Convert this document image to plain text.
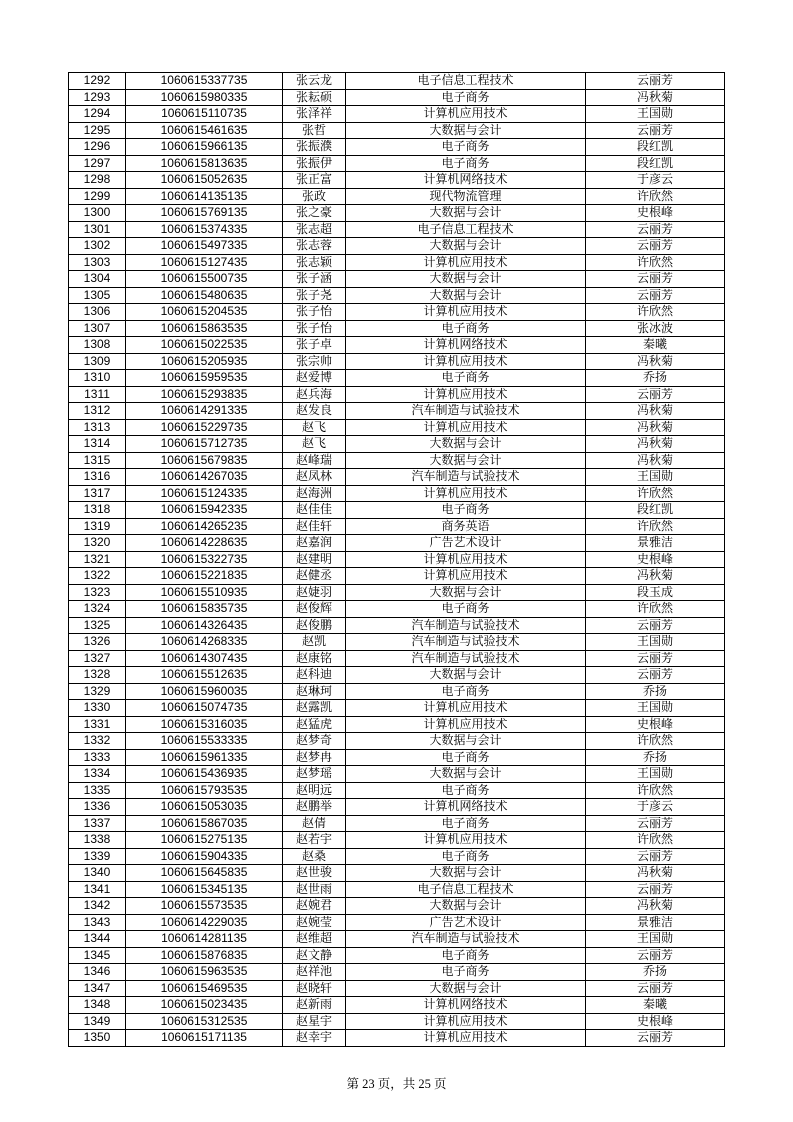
1292	1060615337735	张云龙	电子信息工程技术	云丽芳
1293	1060615980335	张耘硕	电子商务	冯秋菊
1294	1060615110735	张泽祥	计算机应用技术	王国勋
1295	1060615461635	张哲	大数据与会计	云丽芳
1296	1060615966135	张振濮	电子商务	段红凯
1297	1060615813635	张振伊	电子商务	段红凯
1298	1060615052635	张正富	计算机网络技术	于彦云
1299	1060614135135	张政	现代物流管理	许欣然
1300	1060615769135	张之豪	大数据与会计	史根峰
1301	1060615374335	张志超	电子信息工程技术	云丽芳
1302	1060615497335	张志蓉	大数据与会计	云丽芳
1303	1060615127435	张志颖	计算机应用技术	许欣然
1304	1060615500735	张子涵	大数据与会计	云丽芳
1305	1060615480635	张子尧	大数据与会计	云丽芳
1306	1060615204535	张子怡	计算机应用技术	许欣然
1307	1060615863535	张子怡	电子商务	张冰波
1308	1060615022535	张子卓	计算机网络技术	秦曦
1309	1060615205935	张宗帅	计算机应用技术	冯秋菊
1310	1060615959535	赵爱博	电子商务	乔扬
1311	1060615293835	赵兵海	计算机应用技术	云丽芳
1312	1060614291335	赵发良	汽车制造与试验技术	冯秋菊
1313	1060615229735	赵飞	计算机应用技术	冯秋菊
1314	1060615712735	赵飞	大数据与会计	冯秋菊
1315	1060615679835	赵峰瑞	大数据与会计	冯秋菊
1316	1060614267035	赵凤林	汽车制造与试验技术	王国勋
1317	1060615124335	赵海洲	计算机应用技术	许欣然
1318	1060615942335	赵佳佳	电子商务	段红凯
1319	1060614265235	赵佳轩	商务英语	许欣然
1320	1060614228635	赵嘉润	广告艺术设计	景雅洁
1321	1060615322735	赵建明	计算机应用技术	史根峰
1322	1060615221835	赵健丞	计算机应用技术	冯秋菊
1323	1060615510935	赵婕羽	大数据与会计	段玉成
1324	1060615835735	赵俊辉	电子商务	许欣然
1325	1060614326435	赵俊鹏	汽车制造与试验技术	云丽芳
1326	1060614268335	赵凯	汽车制造与试验技术	王国勋
1327	1060614307435	赵康铭	汽车制造与试验技术	云丽芳
1328	1060615512635	赵科迪	大数据与会计	云丽芳
1329	1060615960035	赵琳珂	电子商务	乔扬
1330	1060615074735	赵露凯	计算机应用技术	王国勋
1331	1060615316035	赵猛虎	计算机应用技术	史根峰
1332	1060615533335	赵梦奇	大数据与会计	许欣然
1333	1060615961335	赵梦冉	电子商务	乔扬
1334	1060615436935	赵梦瑶	大数据与会计	王国勋
1335	1060615793535	赵明远	电子商务	许欣然
1336	1060615053035	赵鹏举	计算机网络技术	于彦云
1337	1060615867035	赵倩	电子商务	云丽芳
1338	1060615275135	赵若宇	计算机应用技术	许欣然
1339	1060615904335	赵桑	电子商务	云丽芳
1340	1060615645835	赵世骏	大数据与会计	冯秋菊
1341	1060615345135	赵世雨	电子信息工程技术	云丽芳
1342	1060615573535	赵婉君	大数据与会计	冯秋菊
1343	1060614229035	赵婉莹	广告艺术设计	景雅洁
1344	1060614281135	赵维超	汽车制造与试验技术	王国勋
1345	1060615876835	赵文静	电子商务	云丽芳
1346	1060615963535	赵祥池	电子商务	乔扬
1347	1060615469535	赵晓轩	大数据与会计	云丽芳
1348	1060615023435	赵新雨	计算机网络技术	秦曦
1349	1060615312535	赵星宇	计算机应用技术	史根峰
1350	1060615171135	赵幸宇	计算机应用技术	云丽芳
第 23 页，共 25 页
